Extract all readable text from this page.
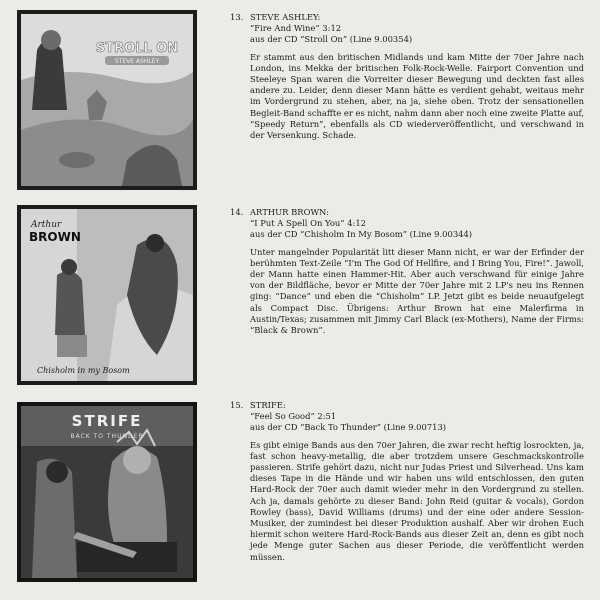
STROLL ON
STEVE ASHLEY
Arthur
BROWN
Chisholm in my Bosom
STRIFE
BACK TO THUNDER
13. STEVE ASHLEY:
“Fire And Wine” 3:12
aus der CD “Stroll On” (Line 9.00354)
Er stammt aus den britischen Midlands und kam Mitte der 70er Jahre nach London, ins Mekka der britischen Folk-Rock-Welle. Fairport Convention und Steeleye Span waren die Vorreiter dieser Bewegung und deckten fast alles andere zu. Leider, denn dieser Mann hätte es verdient gehabt, weitaus mehr im Vordergrund zu stehen, aber, na ja, siehe oben. Trotz der sensationellen Begleit-Band schaffte er es nicht, nahm dann aber noch eine zweite Platte auf, “Speedy Return”, ebenfalls als CD wiederveröffentlicht, und verschwand in der Versenkung. Schade.
14. ARTHUR BROWN:
“I Put A Spell On You” 4:12
aus der CD “Chisholm In My Bosom” (Line 9.00344)
Unter mangelnder Popularität litt dieser Mann nicht, er war der Erfinder der berühmten Text-Zeile “I'm The God Of Hellfire, and I Bring You, Fire!”. Jawoll, der Mann hatte einen Hammer-Hit. Aber auch verschwand für einige Jahre von der Bildfläche, bevor er Mitte der 70er Jahre mit 2 LP's neu ins Rennen ging: “Dance” und eben die “Chisholm” LP. Jetzt gibt es beide neuaufgelegt als Compact Disc. Übrigens: Arthur Brown hat eine Malerfirma in Austin/Texas; zusammen mit Jimmy Carl Black (ex-Mothers), Name der Firms: “Black & Brown”.
15. STRIFE:
“Feel So Good” 2:51
aus der CD “Back To Thunder” (Line 9.00713)
Es gibt einige Bands aus den 70er Jahren, die zwar recht heftig losrockten, ja, fast schon heavy-metallig, die aber trotzdem unsere Geschmackskontrolle passieren. Strife gehört dazu, nicht nur Judas Priest und Silverhead. Uns kam dieses Tape in die Hände und wir haben uns wild entschlossen, den guten Hard-Rock der 70er auch damit wieder mehr in den Vordergrund zu stellen. Ach ja, damals gehörte zu dieser Band: John Reid (guitar & vocals), Gordon Rowley (bass), David Williams (drums) und der eine oder andere Session-Musiker, der zumindest bei dieser Produktion aushalf. Aber wir drohen Euch hiermit schon weitere Hard-Rock-Bands aus dieser Zeit an, denn es gibt noch jede Menge guter Sachen aus dieser Periode, die veröffentlicht werden müssen.
